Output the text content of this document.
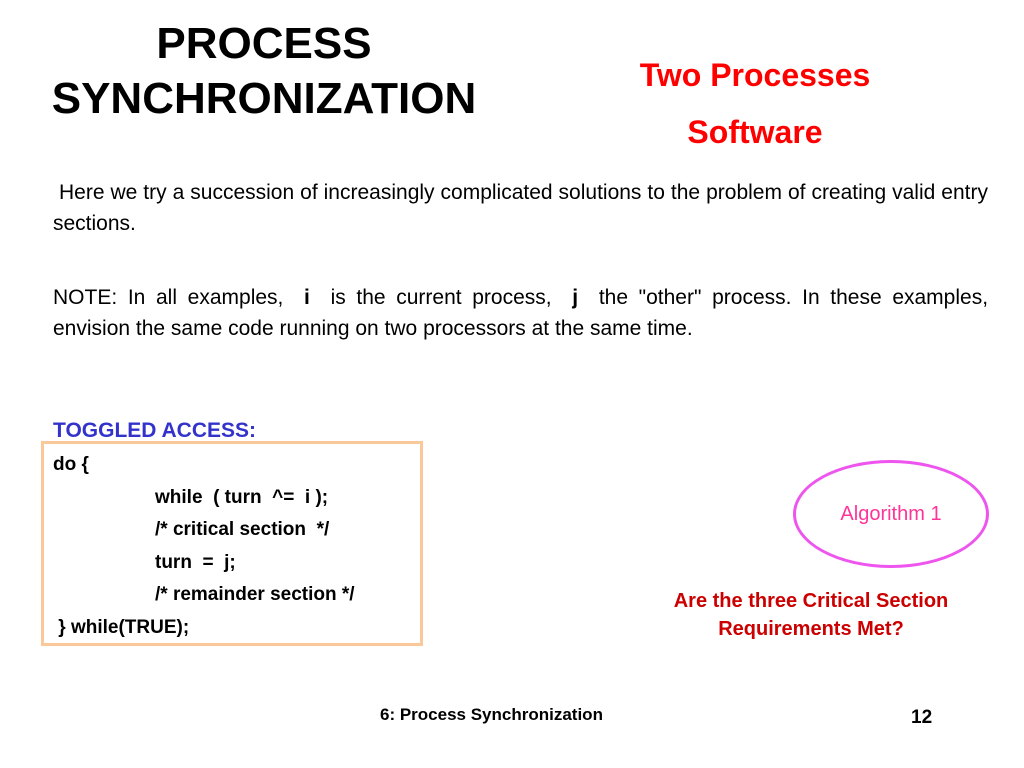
PROCESS
SYNCHRONIZATION	Two Processes
Software
Here we try a succession of increasingly complicated solutions to the problem of creating valid entry sections.
NOTE: In all examples, i is the current process, j the "other" process. In these examples, envision the same code running on two processors at the same time.
TOGGLED ACCESS:
do {
while  ( turn  ^=  i );
/* critical section  */
turn  =  j;
/* remainder section */
} while(TRUE);
Algorithm 1
Are the three Critical Section
Requirements Met?
6: Process Synchronization	12
